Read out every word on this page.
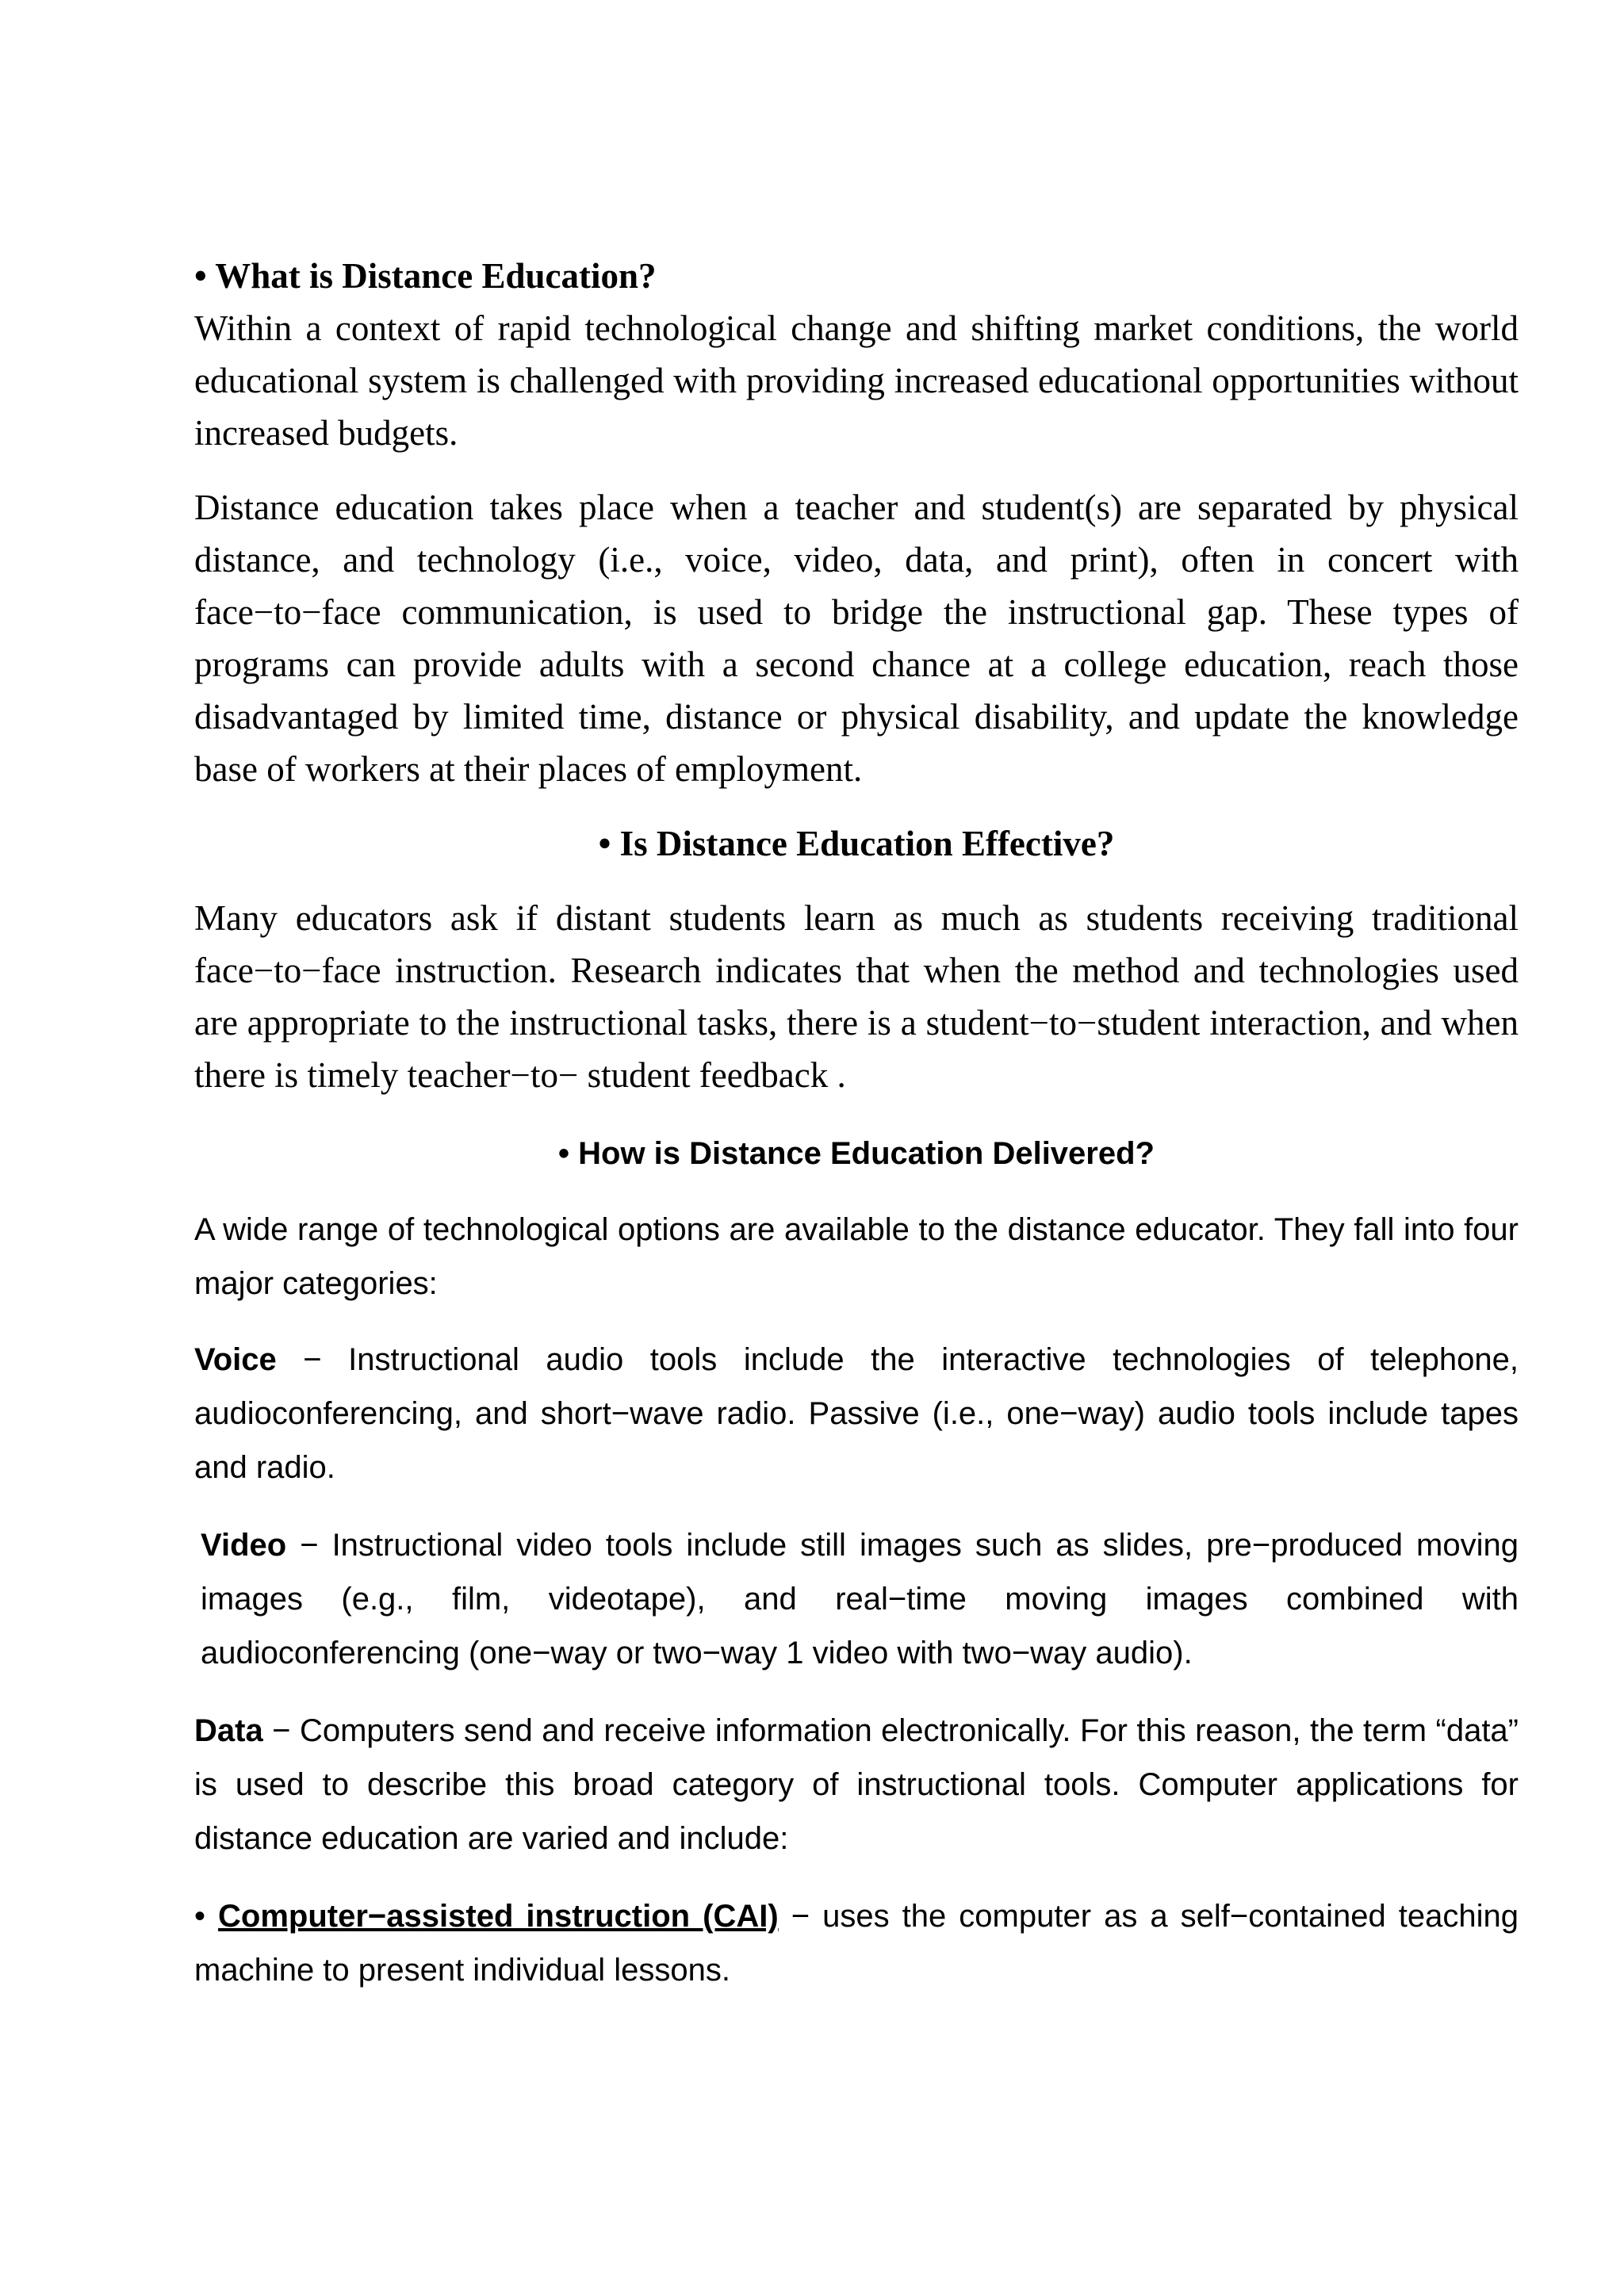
• What is Distance Education?

Within a context of rapid technological change and shifting market conditions, the world educational system is challenged with providing increased educational opportunities without increased budgets.

Distance education takes place when a teacher and student(s) are separated by physical distance, and technology (i.e., voice, video, data, and print), often in concert with face−to−face communication, is used to bridge the instructional gap. These types of programs can provide adults with a second chance at a college education, reach those disadvantaged by limited time, distance or physical disability, and update the knowledge base of workers at their places of employment.

• Is Distance Education Effective?

Many educators ask if distant students learn as much as students receiving traditional face−to−face instruction. Research indicates that when the method and technologies used are appropriate to the instructional tasks, there is a student−to−student interaction, and when there is timely teacher−to− student feedback .

• How is Distance Education Delivered?

A wide range of technological options are available to the distance educator. They fall into four major categories:

Voice − Instructional audio tools include the interactive technologies of telephone, audioconferencing, and short−wave radio. Passive (i.e., one−way) audio tools include tapes and radio.

Video − Instructional video tools include still images such as slides, pre−produced moving images (e.g., film, videotape), and real−time moving images combined with audioconferencing (one−way or two−way 1 video with two−way audio).

Data − Computers send and receive information electronically. For this reason, the term “data” is used to describe this broad category of instructional tools. Computer applications for distance education are varied and include:

• Computer−assisted instruction (CAI) − uses the computer as a self−contained teaching machine to present individual lessons.
